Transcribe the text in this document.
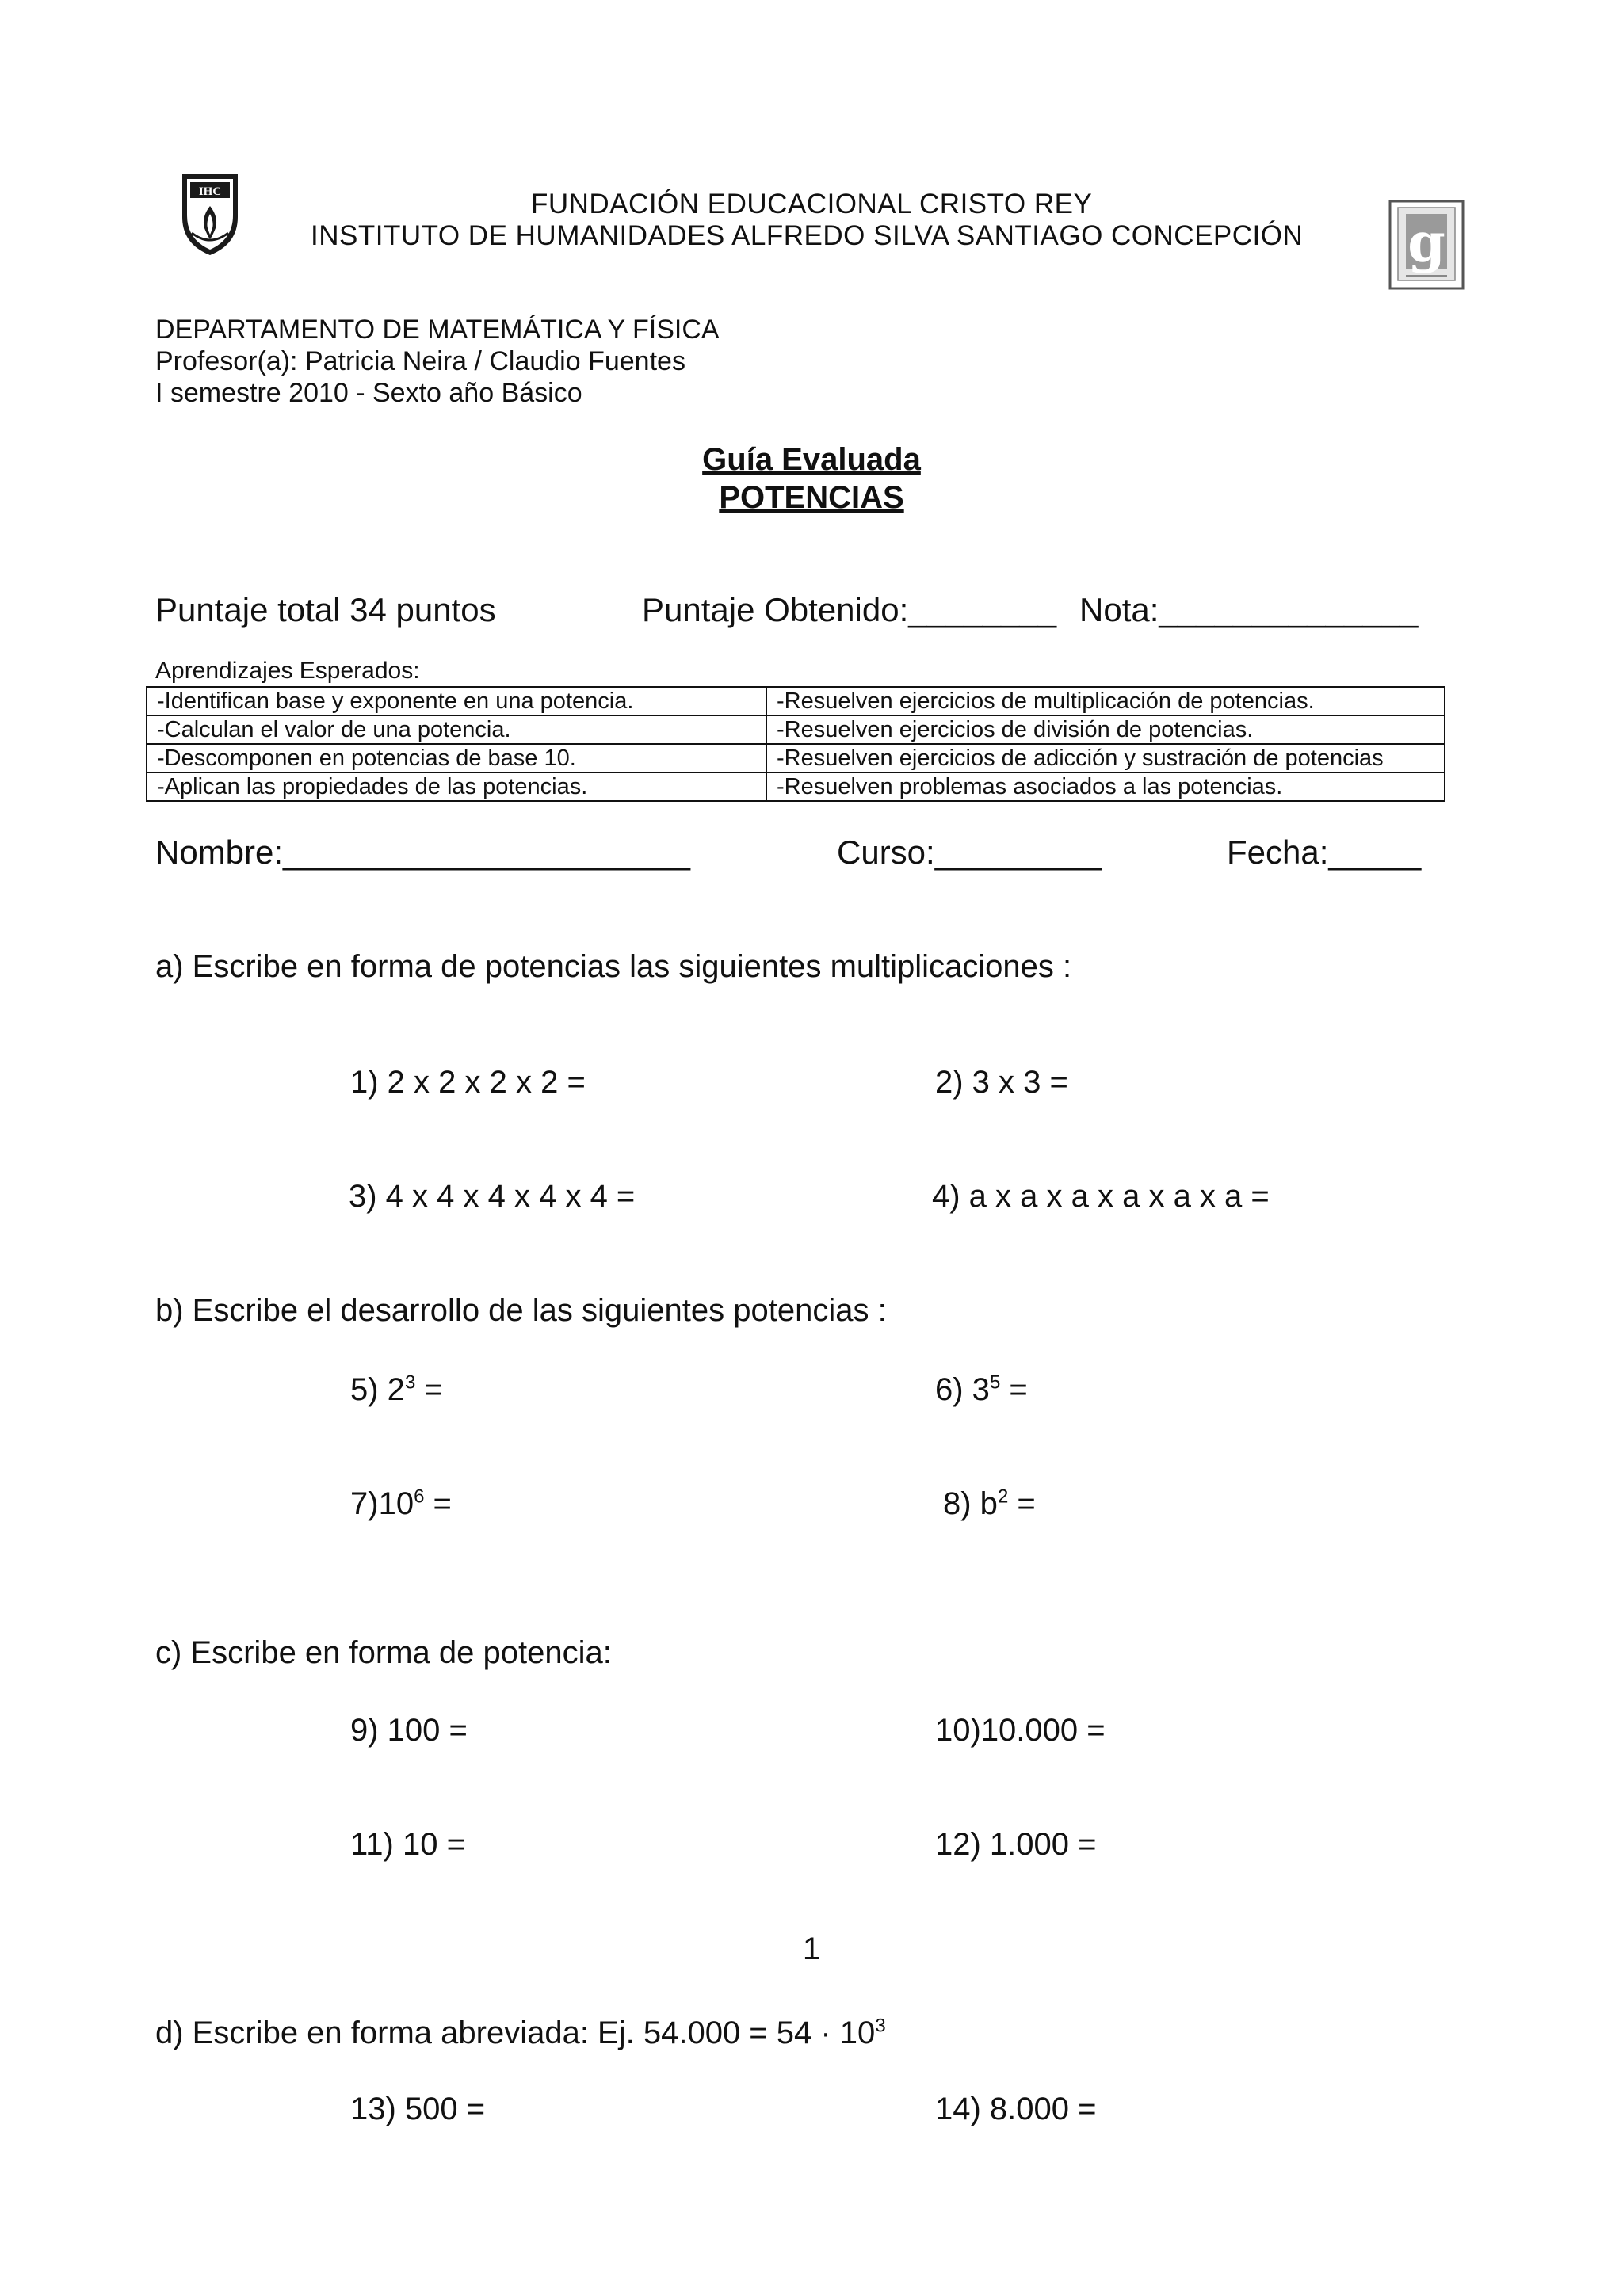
IHC
g
FUNDACIÓN EDUCACIONAL CRISTO REY
INSTITUTO DE HUMANIDADES ALFREDO SILVA SANTIAGO CONCEPCIÓN
DEPARTAMENTO DE MATEMÁTICA Y FÍSICA
Profesor(a): Patricia Neira / Claudio Fuentes
I semestre 2010 - Sexto año Básico
Guía Evaluada
POTENCIAS
Puntaje total 34 puntos	Puntaje Obtenido:________ Nota:______________
Aprendizajes Esperados:
-Identifican base y exponente en una potencia.	-Resuelven ejercicios de multiplicación de potencias.
-Calculan el valor de una potencia.	-Resuelven ejercicios de división de potencias.
-Descomponen en potencias de base 10.	-Resuelven ejercicios de adicción y sustración de potencias
-Aplican las propiedades de las potencias.	-Resuelven problemas asociados a las potencias.
Nombre:______________________	Curso:_________	Fecha:_____
a) Escribe en forma de potencias las siguientes multiplicaciones :
1) 2 x 2 x 2 x 2 =	2) 3 x 3 =
3) 4 x 4 x 4 x 4 x 4 =	4) a x a x a x a x a x a =
b) Escribe el desarrollo de las siguientes potencias :
5) $2^3$ =	6) $3^5$ =
$7)10^6$ =	8) $b^2$ =
c) Escribe en forma de potencia:
9) 100 =	10)10.000 =
11) 10 =	12) 1.000 =
1
d) Escribe en forma abreviada: Ej. $54.000 = 54 \cdot 10^3$
13) 500 =	14) 8.000 =
